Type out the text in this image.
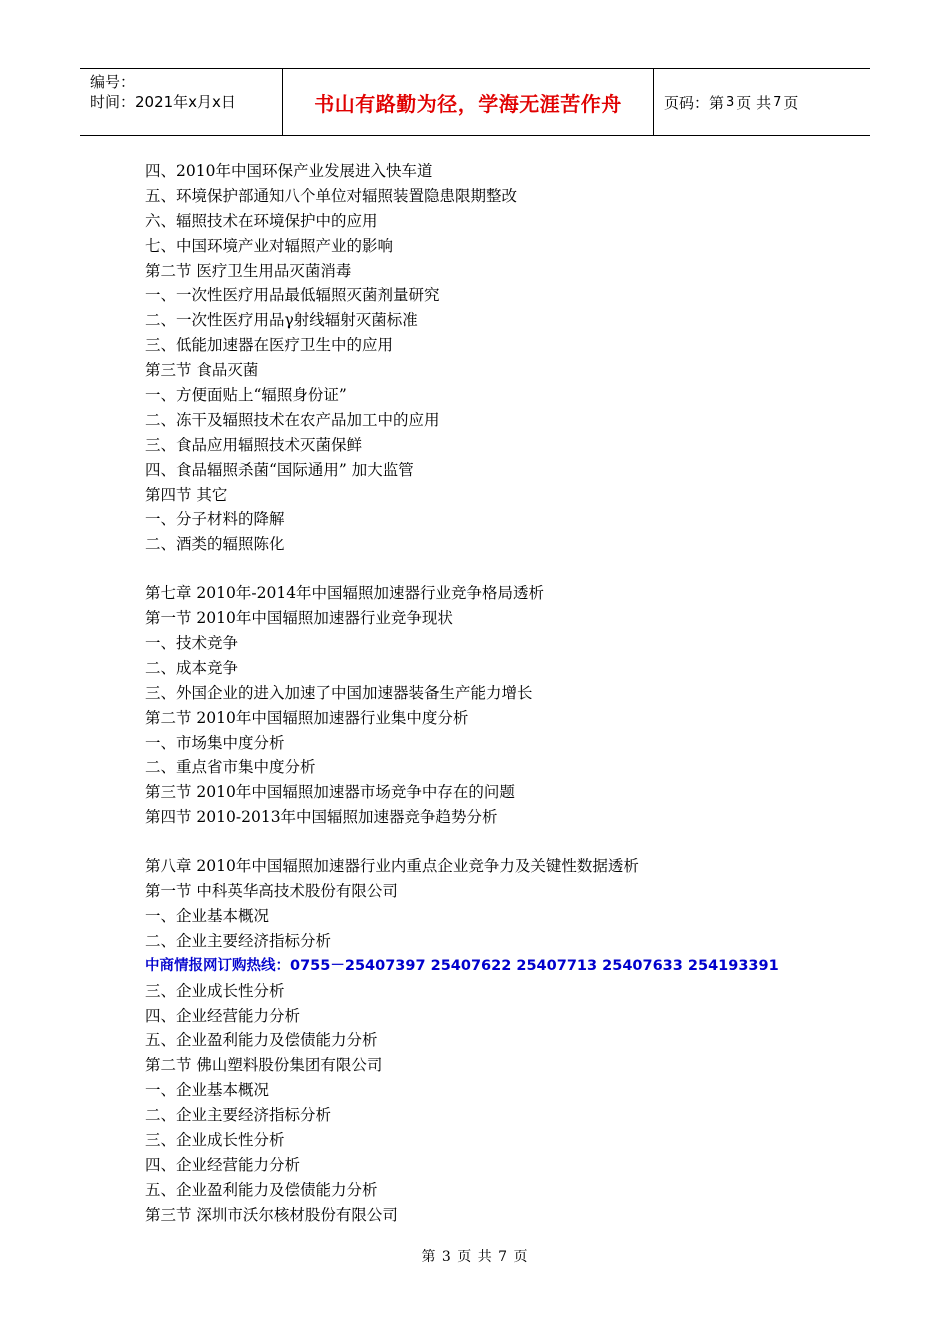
编号：
时间：2021年x月x日	书山有路勤为径，学海无涯苦作舟	页码：第 3 页 共 7 页
四、2010年中国环保产业发展进入快车道
五、环境保护部通知八个单位对辐照装置隐患限期整改
六、辐照技术在环境保护中的应用
七、中国环境产业对辐照产业的影响
第二节 医疗卫生用品灭菌消毒
一、一次性医疗用品最低辐照灭菌剂量研究
二、一次性医疗用品γ射线辐射灭菌标准
三、低能加速器在医疗卫生中的应用
第三节 食品灭菌
一、方便面贴上“辐照身份证”
二、冻干及辐照技术在农产品加工中的应用
三、食品应用辐照技术灭菌保鲜
四、食品辐照杀菌“国际通用” 加大监管
第四节 其它
一、分子材料的降解
二、酒类的辐照陈化
第七章 2010年-2014年中国辐照加速器行业竞争格局透析
第一节 2010年中国辐照加速器行业竞争现状
一、技术竞争
二、成本竞争
三、外国企业的进入加速了中国加速器装备生产能力增长
第二节 2010年中国辐照加速器行业集中度分析
一、市场集中度分析
二、重点省市集中度分析
第三节 2010年中国辐照加速器市场竞争中存在的问题
第四节 2010-2013年中国辐照加速器竞争趋势分析
第八章 2010年中国辐照加速器行业内重点企业竞争力及关键性数据透析
第一节 中科英华高技术股份有限公司
一、企业基本概况
二、企业主要经济指标分析
中商情报网订购热线：0755－25407397 25407622 25407713 25407633 254193391
三、企业成长性分析
四、企业经营能力分析
五、企业盈利能力及偿债能力分析
第二节 佛山塑料股份集团有限公司
一、企业基本概况
二、企业主要经济指标分析
三、企业成长性分析
四、企业经营能力分析
五、企业盈利能力及偿债能力分析
第三节 深圳市沃尔核材股份有限公司
第 3 页 共 7 页
